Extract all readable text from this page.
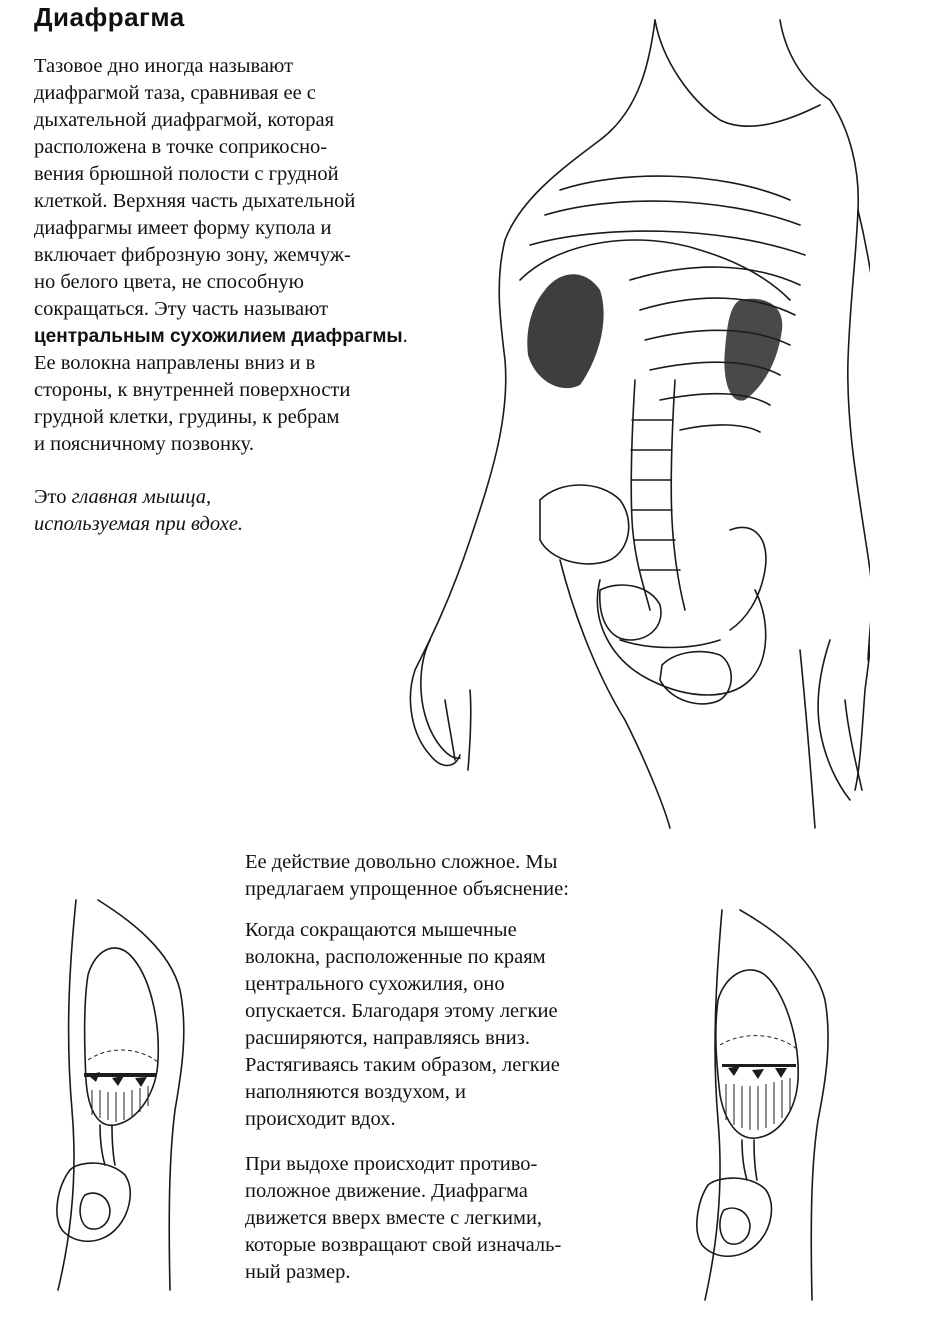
Диафрагма

Тазовое дно иногда называют
диафрагмой таза, сравнивая ее с
дыхательной диафрагмой, которая
расположена в точке соприкосно-
вения брюшной полости с грудной
клеткой. Верхняя часть дыхательной
диафрагмы имеет форму купола и
включает фиброзную зону, жемчуж-
но белого цвета, не способную
сокращаться. Эту часть называют
центральным сухожилием диафрагмы.
Ее волокна направлены вниз и в
стороны, к внутренней поверхности
грудной клетки, грудины, к ребрам
и поясничному позвонку.

Это главная мышца,
используемая при вдохе.

Ее действие довольно сложное. Мы
предлагаем упрощенное объяснение:

Когда сокращаются мышечные
волокна, расположенные по краям
центрального сухожилия, оно
опускается. Благодаря этому легкие
расширяются, направляясь вниз.
Растягиваясь таким образом, легкие
наполняются воздухом, и
происходит вдох.

При выдохе происходит противо-
положное движение. Диафрагма
движется вверх вместе с легкими,
которые возвращают свой изначаль-
ный размер.
